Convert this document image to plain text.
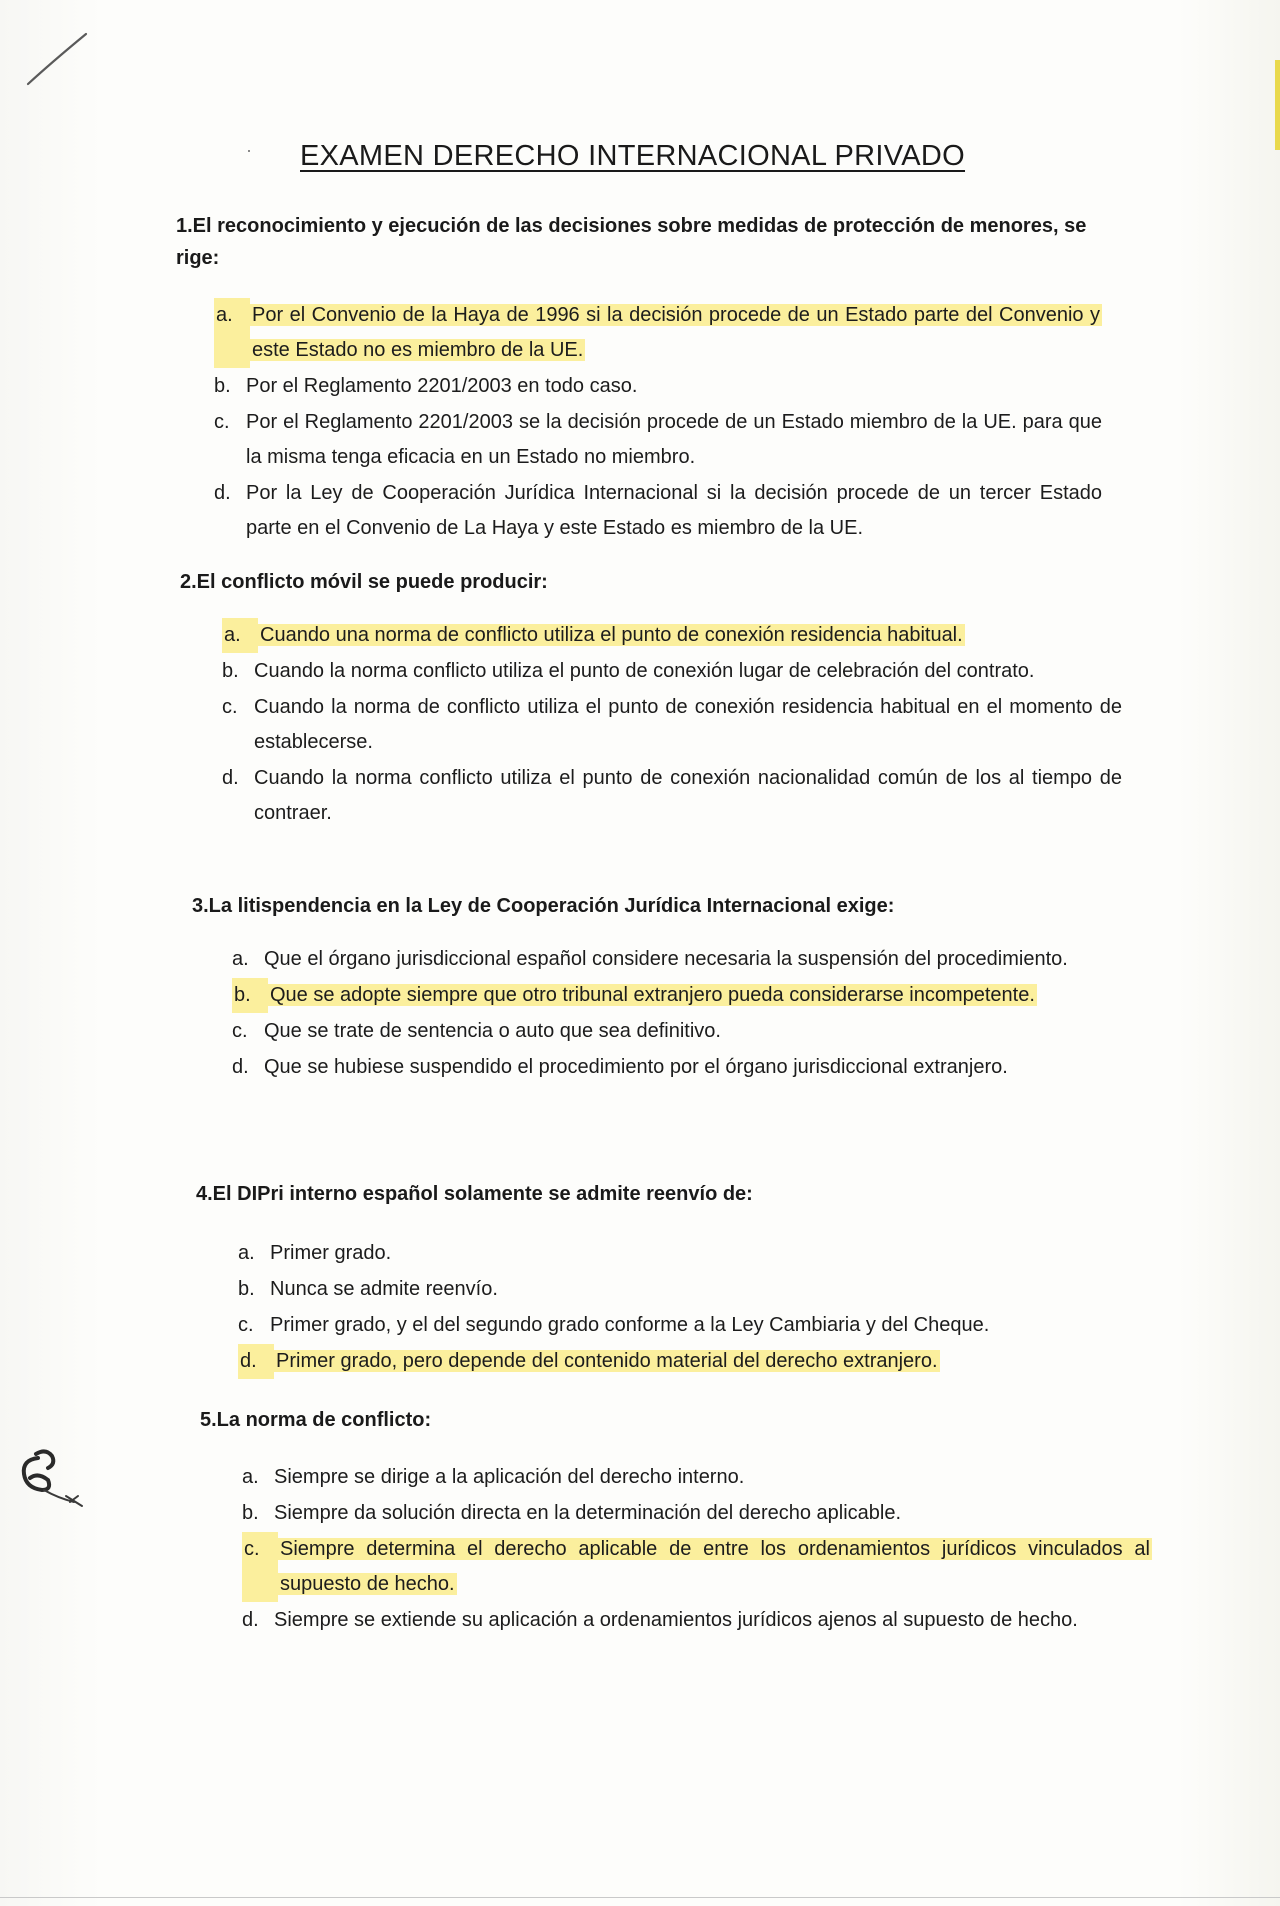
EXAMEN DERECHO INTERNACIONAL PRIVADO
1.El reconocimiento y ejecución de las decisiones sobre medidas de protección de menores, se rige:
a. Por el Convenio de la Haya de 1996 si la decisión procede de un Estado parte del Convenio y este Estado no es miembro de la UE.
b. Por el Reglamento 2201/2003 en todo caso.
c. Por el Reglamento 2201/2003 se la decisión procede de un Estado miembro de la UE. para que la misma tenga eficacia en un Estado no miembro.
d. Por la Ley de Cooperación Jurídica Internacional si la decisión procede de un tercer Estado parte en el Convenio de La Haya y este Estado es miembro de la UE.
2.El conflicto móvil se puede producir:
a. Cuando una norma de conflicto utiliza el punto de conexión residencia habitual.
b. Cuando la norma conflicto utiliza el punto de conexión lugar de celebración del contrato.
c. Cuando la norma de conflicto utiliza el punto de conexión residencia habitual en el momento de establecerse.
d. Cuando la norma conflicto utiliza el punto de conexión nacionalidad común de los al tiempo de contraer.
3.La litispendencia en la Ley de Cooperación Jurídica Internacional exige:
a. Que el órgano jurisdiccional español considere necesaria la suspensión del procedimiento.
b. Que se adopte siempre que otro tribunal extranjero pueda considerarse incompetente.
c. Que se trate de sentencia o auto que sea definitivo.
d. Que se hubiese suspendido el procedimiento por el órgano jurisdiccional extranjero.
4.El DIPri interno español solamente se admite reenvío de:
a. Primer grado.
b. Nunca se admite reenvío.
c. Primer grado, y el del segundo grado conforme a la Ley Cambiaria y del Cheque.
d. Primer grado, pero depende del contenido material del derecho extranjero.
5.La norma de conflicto:
a. Siempre se dirige a la aplicación del derecho interno.
b. Siempre da solución directa en la determinación del derecho aplicable.
c.	Siempre determina el derecho aplicable de entre los ordenamientos jurídicos vinculados al supuesto de hecho.
d. Siempre se extiende su aplicación a ordenamientos jurídicos ajenos al supuesto de hecho.
